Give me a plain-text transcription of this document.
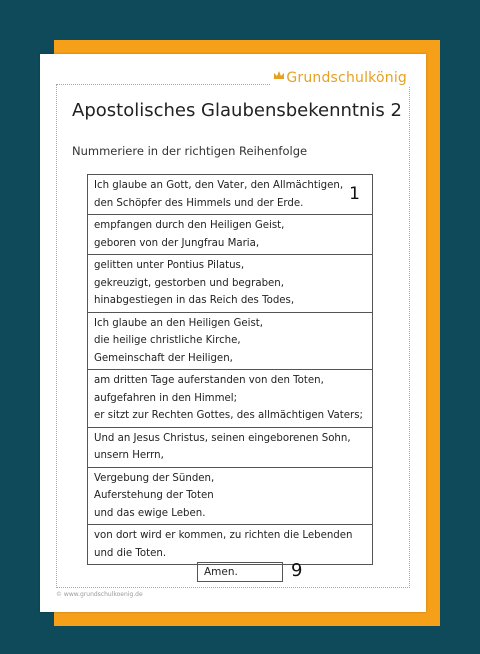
Grundschulkönig
Apostolisches Glaubensbekenntnis 2
Nummeriere in der richtigen Reihenfolge
Ich glaube an Gott, den Vater, den Allmächtigen,
den Schöpfer des Himmels und der Erde.	1
empfangen durch den Heiligen Geist,
geboren von der Jungfrau Maria,
gelitten unter Pontius Pilatus,
gekreuzigt, gestorben und begraben,
hinabgestiegen in das Reich des Todes,
Ich glaube an den Heiligen Geist,
die heilige christliche Kirche,
Gemeinschaft der Heiligen,
am dritten Tage auferstanden von den Toten,
aufgefahren in den Himmel;
er sitzt zur Rechten Gottes, des allmächtigen Vaters;
Und an Jesus Christus, seinen eingeborenen Sohn,
unsern Herrn,
Vergebung der Sünden,
Auferstehung der Toten
und das ewige Leben.
von dort wird er kommen, zu richten die Lebenden
und die Toten.
Amen.	9
© www.grundschulkoenig.de
